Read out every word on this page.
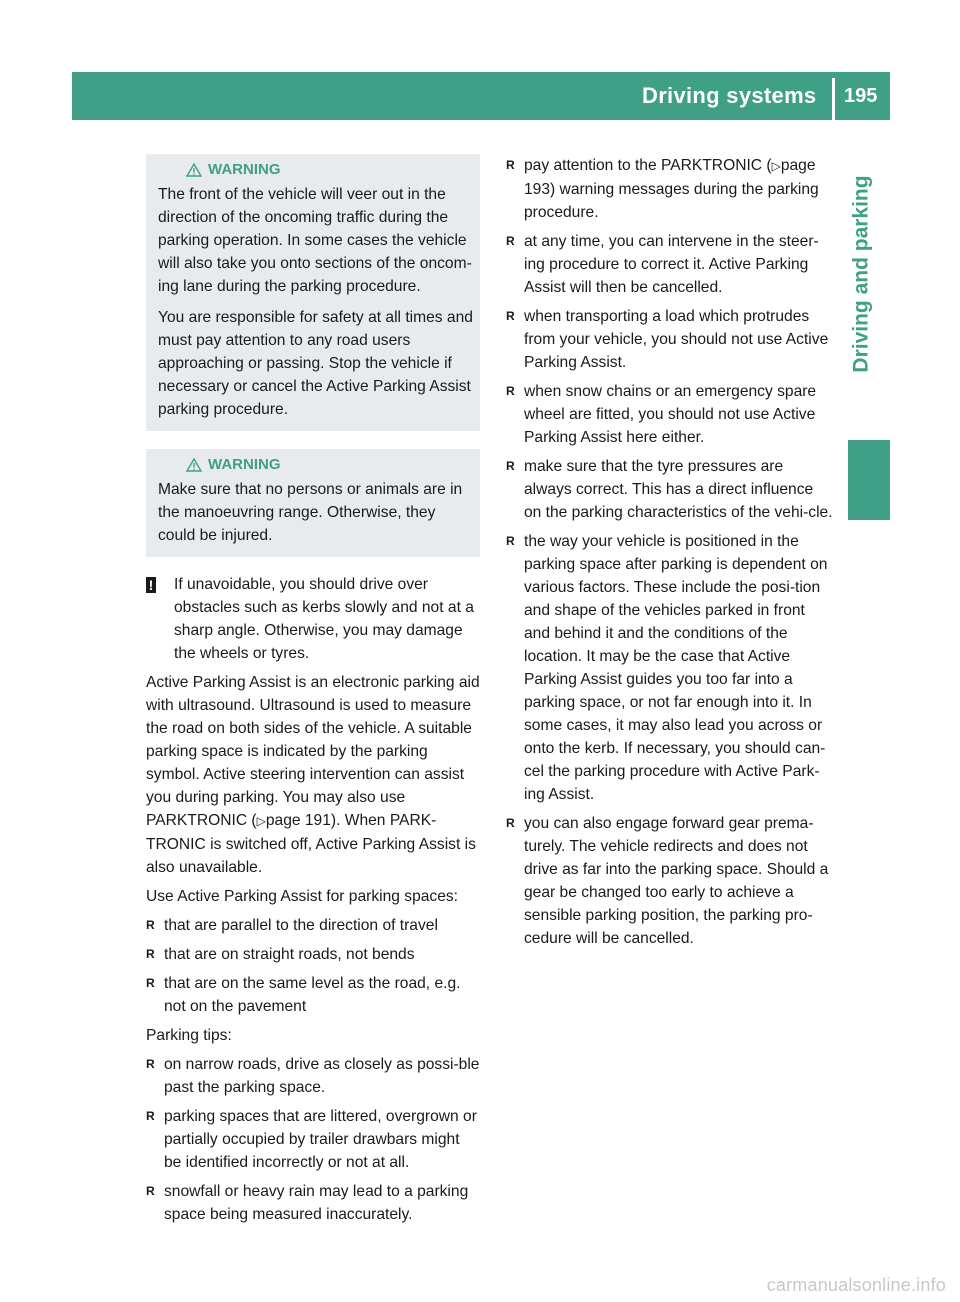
Driving systems 195
Driving and parking
WARNING

The front of the vehicle will veer out in the direction of the oncoming traffic during the parking operation. In some cases the vehicle will also take you onto sections of the oncom-ing lane during the parking procedure.

You are responsible for safety at all times and must pay attention to any road users approaching or passing. Stop the vehicle if necessary or cancel the Active Parking Assist parking procedure.

WARNING

Make sure that no persons or animals are in the manoeuvring range. Otherwise, they could be injured.

!	If unavoidable, you should drive over obstacles such as kerbs slowly and not at a sharp angle. Otherwise, you may damage the wheels or tyres.

Active Parking Assist is an electronic parking aid with ultrasound. Ultrasound is used to measure the road on both sides of the vehicle. A suitable parking space is indicated by the parking symbol. Active steering intervention can assist you during parking. You may also use PARKTRONIC (▷page 191). When PARK-TRONIC is switched off, Active Parking Assist is also unavailable.

Use Active Parking Assist for parking spaces:

R that are parallel to the direction of travel
R that are on straight roads, not bends
R that are on the same level as the road, e.g. not on the pavement

Parking tips:

R on narrow roads, drive as closely as possi-ble past the parking space.
R parking spaces that are littered, overgrown or partially occupied by trailer drawbars might be identified incorrectly or not at all.
R snowfall or heavy rain may lead to a parking space being measured inaccurately.
R pay attention to the PARKTRONIC (▷page 193) warning messages during the parking procedure.
R at any time, you can intervene in the steer-ing procedure to correct it. Active Parking Assist will then be cancelled.
R when transporting a load which protrudes from your vehicle, you should not use Active Parking Assist.
R when snow chains or an emergency spare wheel are fitted, you should not use Active Parking Assist here either.
R make sure that the tyre pressures are always correct. This has a direct influence on the parking characteristics of the vehi-cle.
R the way your vehicle is positioned in the parking space after parking is dependent on various factors. These include the posi-tion and shape of the vehicles parked in front and behind it and the conditions of the location. It may be the case that Active Parking Assist guides you too far into a parking space, or not far enough into it. In some cases, it may also lead you across or onto the kerb. If necessary, you should can-cel the parking procedure with Active Park-ing Assist.
R you can also engage forward gear prema-turely. The vehicle redirects and does not drive as far into the parking space. Should a gear be changed too early to achieve a sensible parking position, the parking pro-cedure will be cancelled.
carmanualsonline.info
